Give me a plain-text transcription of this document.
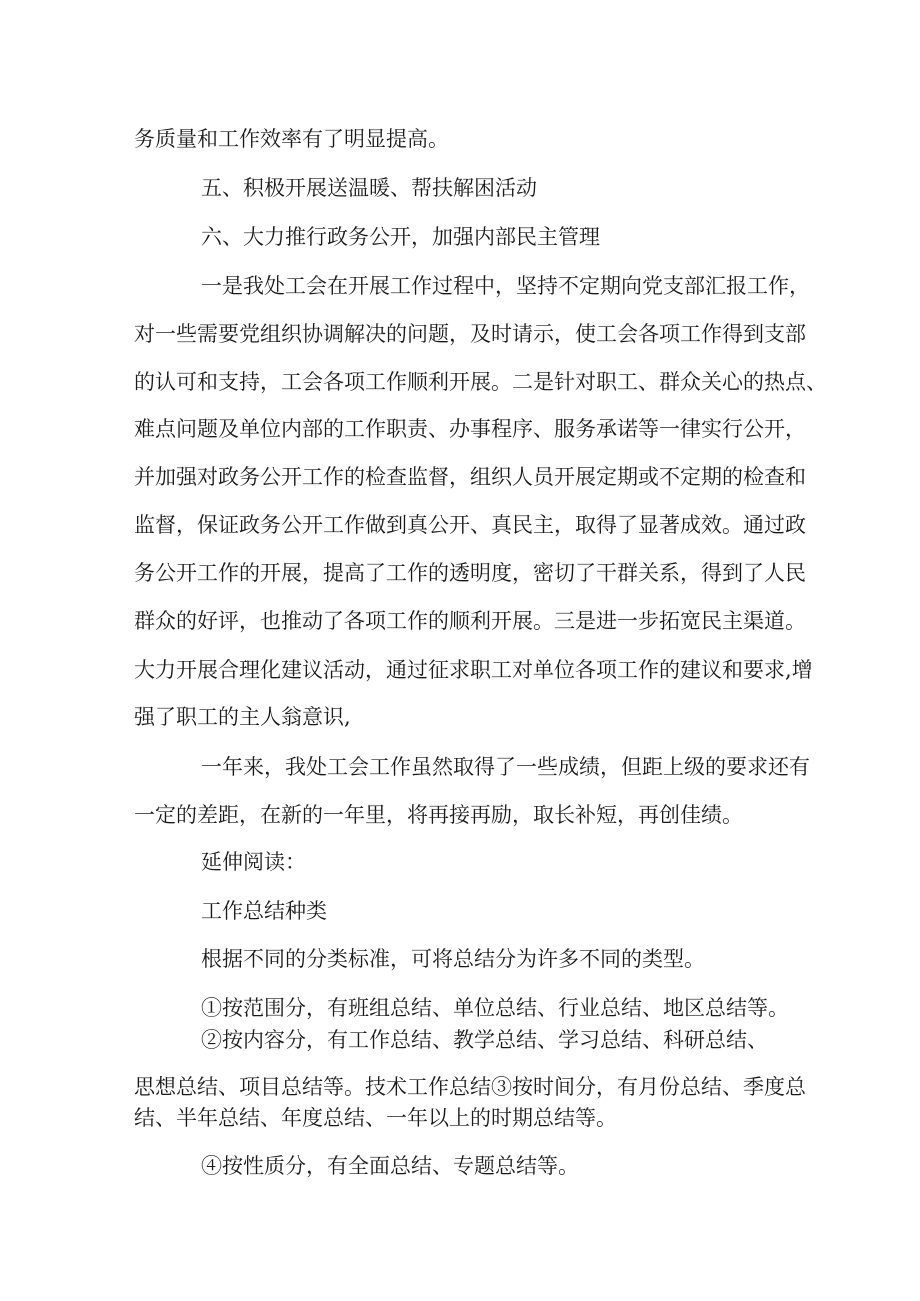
务质量和工作效率有了明显提高。
五、积极开展送温暖、帮扶解困活动
六、大力推行政务公开，加强内部民主管理
一是我处工会在开展工作过程中，坚持不定期向党支部汇报工作，
对一些需要党组织协调解决的问题，及时请示，使工会各项工作得到支部
的认可和支持，工会各项工作顺利开展。二是针对职工、群众关心的热点、
难点问题及单位内部的工作职责、办事程序、服务承诺等一律实行公开，
并加强对政务公开工作的检查监督，组织人员开展定期或不定期的检查和
监督，保证政务公开工作做到真公开、真民主，取得了显著成效。通过政
务公开工作的开展，提高了工作的透明度，密切了干群关系，得到了人民
群众的好评，也推动了各项工作的顺利开展。三是进一步拓宽民主渠道。
大力开展合理化建议活动，通过征求职工对单位各项工作的建议和要求,增
强了职工的主人翁意识,
一年来，我处工会工作虽然取得了一些成绩，但距上级的要求还有
一定的差距，在新的一年里，将再接再励，取长补短，再创佳绩。
延伸阅读：
工作总结种类
根据不同的分类标准，可将总结分为许多不同的类型。
①按范围分，有班组总结、单位总结、行业总结、地区总结等。
②按内容分，有工作总结、教学总结、学习总结、科研总结、
思想总结、项目总结等。技术工作总结③按时间分，有月份总结、季度总
结、半年总结、年度总结、一年以上的时期总结等。
④按性质分，有全面总结、专题总结等。
